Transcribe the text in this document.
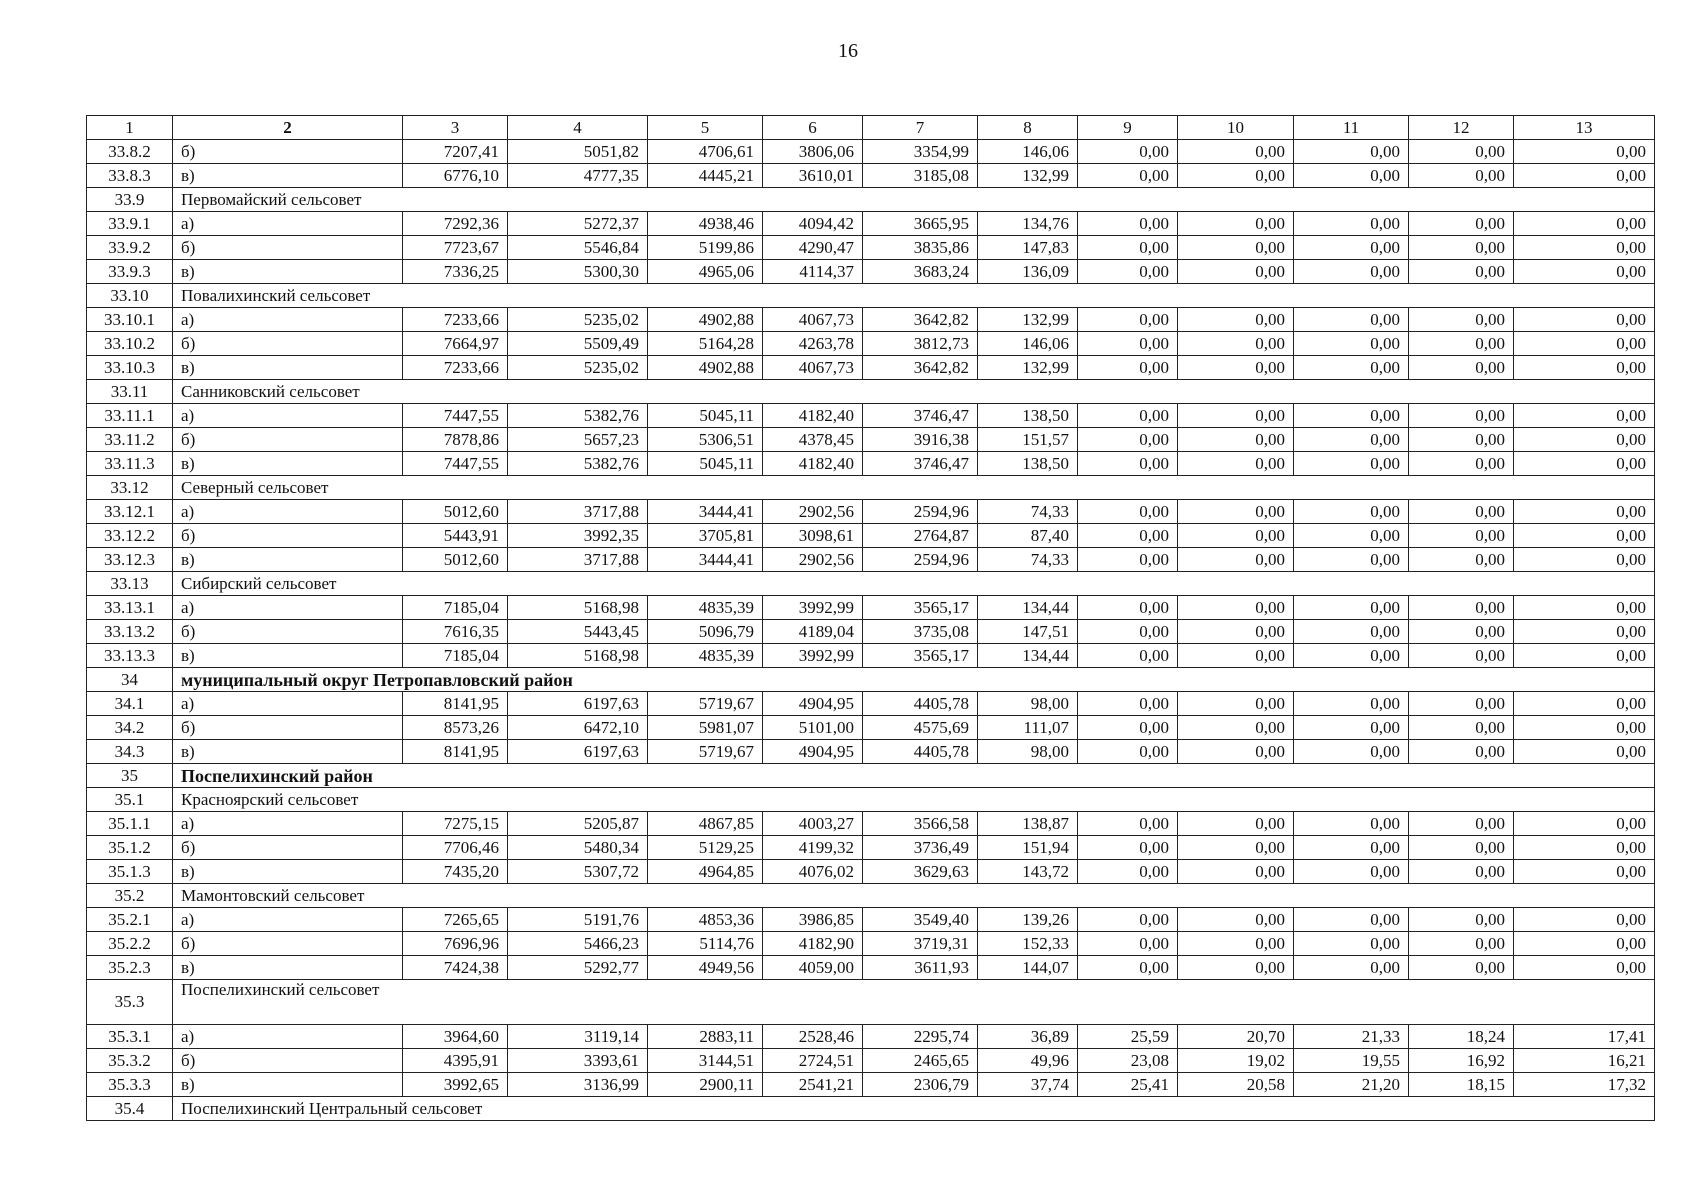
16
1	2	3	4	5	6	7	8	9	10	11	12	13
33.8.2	б)	7207,41	5051,82	4706,61	3806,06	3354,99	146,06	0,00	0,00	0,00	0,00	0,00
33.8.3	в)	6776,10	4777,35	4445,21	3610,01	3185,08	132,99	0,00	0,00	0,00	0,00	0,00
33.9	Первомайский сельсовет											
33.9.1	а)	7292,36	5272,37	4938,46	4094,42	3665,95	134,76	0,00	0,00	0,00	0,00	0,00
33.9.2	б)	7723,67	5546,84	5199,86	4290,47	3835,86	147,83	0,00	0,00	0,00	0,00	0,00
33.9.3	в)	7336,25	5300,30	4965,06	4114,37	3683,24	136,09	0,00	0,00	0,00	0,00	0,00
33.10	Повалихинский сельсовет											
33.10.1	а)	7233,66	5235,02	4902,88	4067,73	3642,82	132,99	0,00	0,00	0,00	0,00	0,00
33.10.2	б)	7664,97	5509,49	5164,28	4263,78	3812,73	146,06	0,00	0,00	0,00	0,00	0,00
33.10.3	в)	7233,66	5235,02	4902,88	4067,73	3642,82	132,99	0,00	0,00	0,00	0,00	0,00
33.11	Санниковский сельсовет											
33.11.1	а)	7447,55	5382,76	5045,11	4182,40	3746,47	138,50	0,00	0,00	0,00	0,00	0,00
33.11.2	б)	7878,86	5657,23	5306,51	4378,45	3916,38	151,57	0,00	0,00	0,00	0,00	0,00
33.11.3	в)	7447,55	5382,76	5045,11	4182,40	3746,47	138,50	0,00	0,00	0,00	0,00	0,00
33.12	Северный сельсовет											
33.12.1	а)	5012,60	3717,88	3444,41	2902,56	2594,96	74,33	0,00	0,00	0,00	0,00	0,00
33.12.2	б)	5443,91	3992,35	3705,81	3098,61	2764,87	87,40	0,00	0,00	0,00	0,00	0,00
33.12.3	в)	5012,60	3717,88	3444,41	2902,56	2594,96	74,33	0,00	0,00	0,00	0,00	0,00
33.13	Сибирский сельсовет											
33.13.1	а)	7185,04	5168,98	4835,39	3992,99	3565,17	134,44	0,00	0,00	0,00	0,00	0,00
33.13.2	б)	7616,35	5443,45	5096,79	4189,04	3735,08	147,51	0,00	0,00	0,00	0,00	0,00
33.13.3	в)	7185,04	5168,98	4835,39	3992,99	3565,17	134,44	0,00	0,00	0,00	0,00	0,00
34	муниципальный округ Петропавловский район											
34.1	а)	8141,95	6197,63	5719,67	4904,95	4405,78	98,00	0,00	0,00	0,00	0,00	0,00
34.2	б)	8573,26	6472,10	5981,07	5101,00	4575,69	111,07	0,00	0,00	0,00	0,00	0,00
34.3	в)	8141,95	6197,63	5719,67	4904,95	4405,78	98,00	0,00	0,00	0,00	0,00	0,00
35	Поспелихинский район											
35.1	Красноярский сельсовет											
35.1.1	а)	7275,15	5205,87	4867,85	4003,27	3566,58	138,87	0,00	0,00	0,00	0,00	0,00
35.1.2	б)	7706,46	5480,34	5129,25	4199,32	3736,49	151,94	0,00	0,00	0,00	0,00	0,00
35.1.3	в)	7435,20	5307,72	4964,85	4076,02	3629,63	143,72	0,00	0,00	0,00	0,00	0,00
35.2	Мамонтовский сельсовет											
35.2.1	а)	7265,65	5191,76	4853,36	3986,85	3549,40	139,26	0,00	0,00	0,00	0,00	0,00
35.2.2	б)	7696,96	5466,23	5114,76	4182,90	3719,31	152,33	0,00	0,00	0,00	0,00	0,00
35.2.3	в)	7424,38	5292,77	4949,56	4059,00	3611,93	144,07	0,00	0,00	0,00	0,00	0,00
35.3	Поспелихинский сельсовет											
35.3.1	а)	3964,60	3119,14	2883,11	2528,46	2295,74	36,89	25,59	20,70	21,33	18,24	17,41
35.3.2	б)	4395,91	3393,61	3144,51	2724,51	2465,65	49,96	23,08	19,02	19,55	16,92	16,21
35.3.3	в)	3992,65	3136,99	2900,11	2541,21	2306,79	37,74	25,41	20,58	21,20	18,15	17,32
35.4	Поспелихинский Центральный сельсовет											
